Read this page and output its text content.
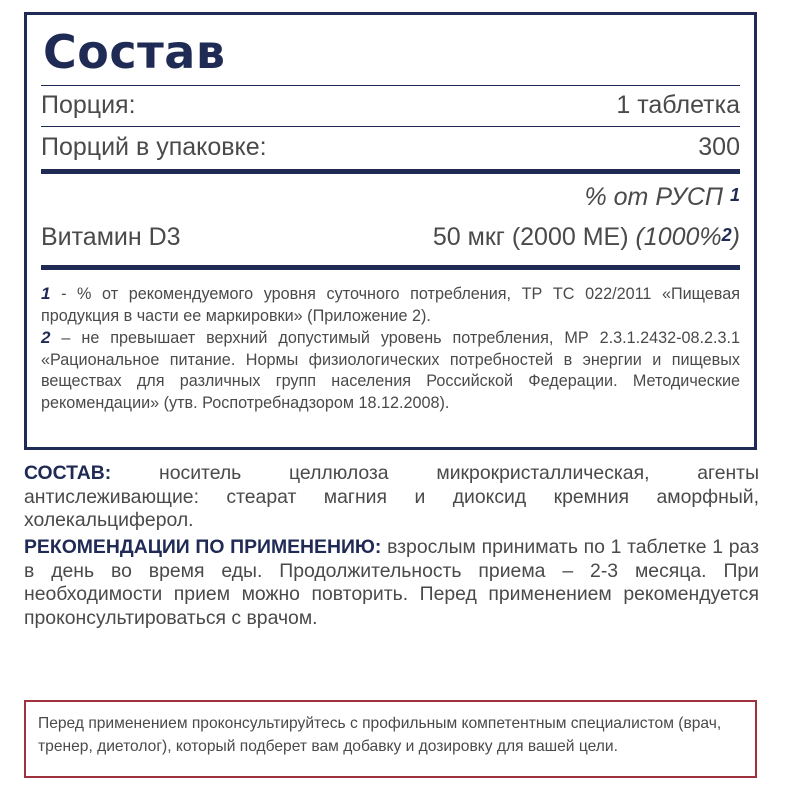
Состав
Порция:	1 таблетка
Порций в упаковке:	300
% от РУСП $^1$
Витамин D3	50 мкг (2000 МЕ) (1000%$^2$)

1 - % от рекомендуемого уровня суточного потребления, ТР ТС 022/2011 «Пищевая продукция в части ее маркировки» (Приложение 2).

2 – не превышает верхний допустимый уровень потребления, МР 2.3.1.2432-08.2.3.1 «Рациональное питание. Нормы физиологических потребностей в энергии и пищевых веществах для различных групп населения Российской Федерации. Методические рекомендации» (утв. Роспотребнадзором 18.12.2008).

СОСТАВ: носитель целлюлоза микрокристаллическая, агенты антислеживающие: стеарат магния и диоксид кремния аморфный, холекальциферол.
РЕКОМЕНДАЦИИ ПО ПРИМЕНЕНИЮ: взрослым принимать по 1 таблетке 1 раз в день во время еды. Продолжительность приема – 2-3 месяца. При необходимости прием можно повторить. Перед применением рекомендуется проконсультироваться с врачом.
Перед применением проконсультируйтесь с профильным компетентным специалистом (врач, тренер, диетолог), который подберет вам добавку и дозировку для вашей цели.
